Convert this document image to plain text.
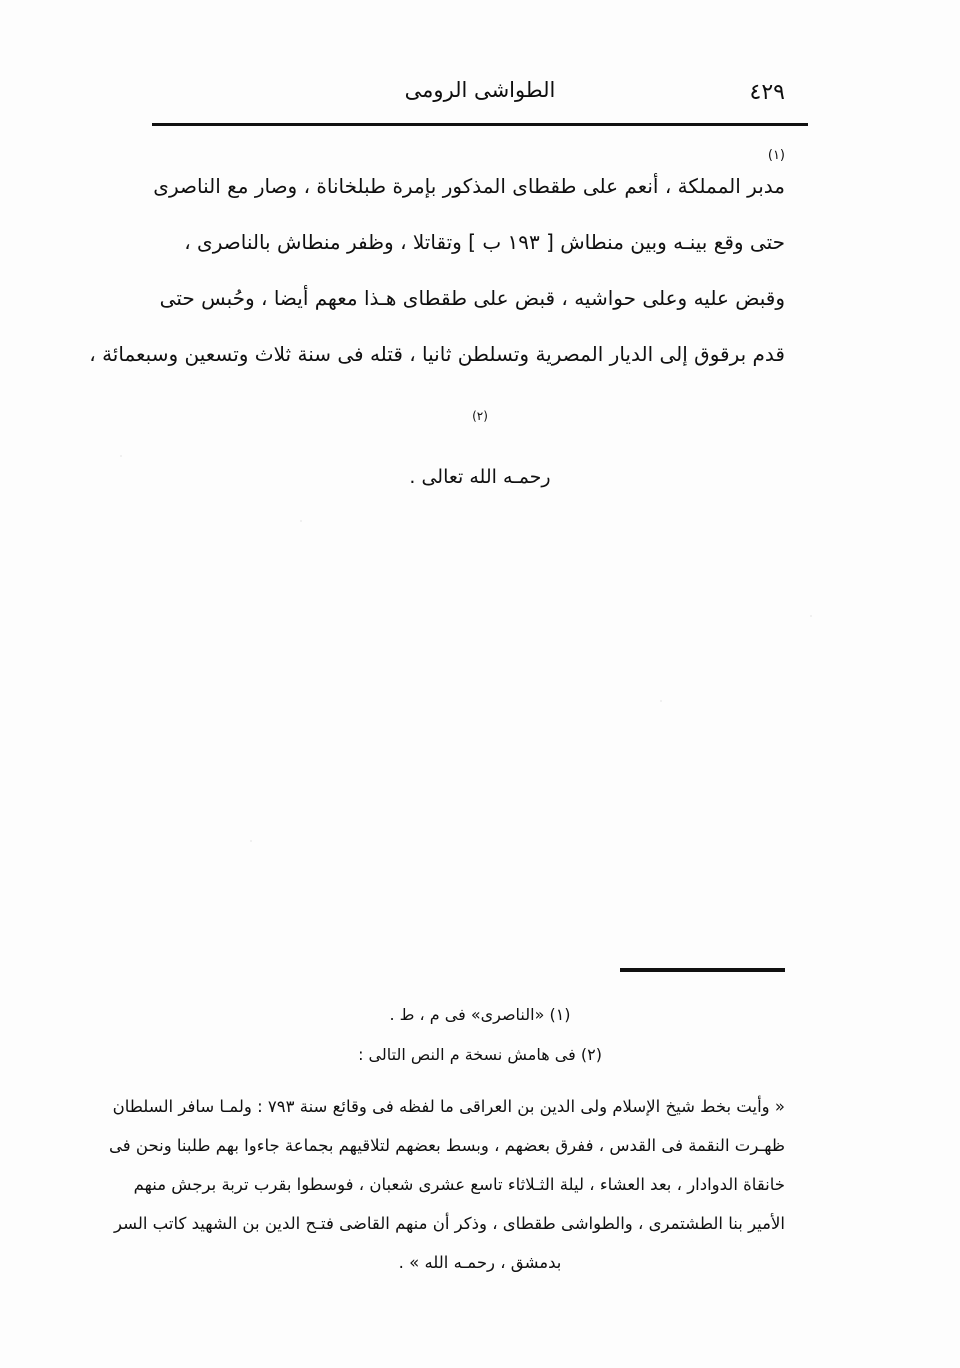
الطواشى الرومى	٤٢٩
(١)
مدبر المملكة ، أنعم على طقطاى المذكور بإمرة طبلخاناة ، وصار مع الناصرى
حتى وقع بينـه وبين منطاش [ ١٩٣ ب ] وتقاتلا ، وظفر منطاش بالناصرى ،
وقبض عليه وعلى حواشيه ، قبض على طقطاى هـذا معهم أيضا ، وحُبس حتى
قدم برقوق إلى الديار المصرية وتسلطن ثانيا ، قتله فى سنة ثلاث وتسعين وسبعمائة ،
(٢)
رحمـه الله تعالى .
(١) «الناصرى» فى م ، ط .
(٢) فى هامش نسخة م النص التالى :
« وأيت بخط شيخ الإسلام ولى الدين بن العراقى ما لفظه فى وقائع سنة ٧٩٣ : ولمـا سافر السلطان
ظهـرت النقمة فى القدس ، ففرق بعضهم ، وبسط بعضهم لتلاقيهم بجماعة جاءوا بهم طلبنا ونحن فى
خانقاة الدوادار ، بعد العشاء ، ليلة الثـلاثاء تاسع عشرى شعبان ، فوسطوا بقرب تربة برجش منهم
الأمير بنا الطشتمرى ، والطواشى طقطاى ، وذكر أن منهم القاضى فتـح الدين بن الشهيد كاتب السر
بدمشق ، رحمـه الله » .
